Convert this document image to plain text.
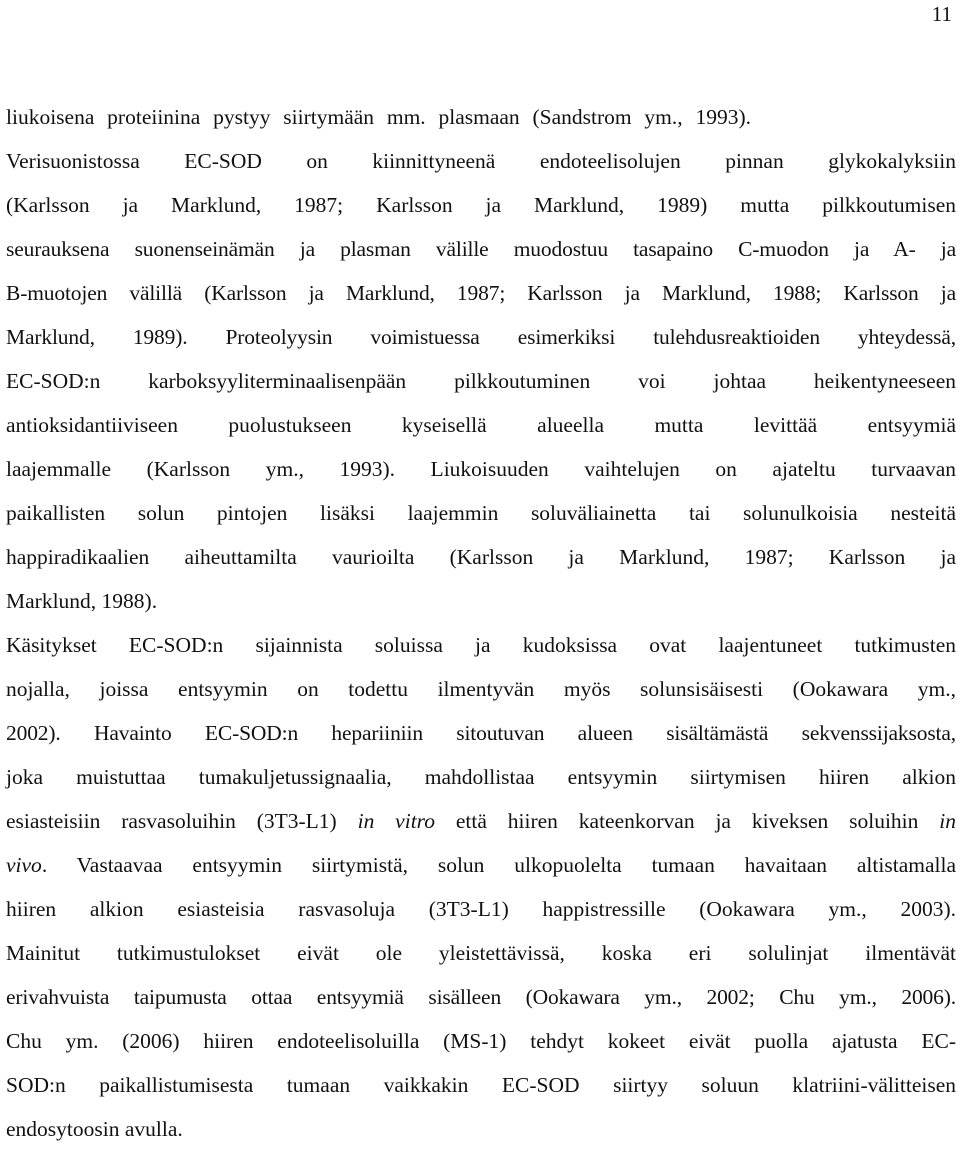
11
liukoisena proteiinina pystyy siirtymään mm. plasmaan (Sandstrom ym., 1993).
Verisuonistossa EC-SOD on kiinnittyneenä endoteelisolujen pinnan glykokalyksiin
(Karlsson ja Marklund, 1987; Karlsson ja Marklund, 1989) mutta pilkkoutumisen
seurauksena suonenseinämän ja plasman välille muodostuu tasapaino C-muodon ja A- ja
B-muotojen välillä (Karlsson ja Marklund, 1987; Karlsson ja Marklund, 1988; Karlsson ja
Marklund, 1989). Proteolyysin voimistuessa esimerkiksi tulehdusreaktioiden yhteydessä,
EC-SOD:n karboksyyliterminaalisenpään pilkkoutuminen voi johtaa heikentyneeseen
antioksidantiiviseen puolustukseen kyseisellä alueella mutta levittää entsyymiä
laajemmalle (Karlsson ym., 1993). Liukoisuuden vaihtelujen on ajateltu turvaavan
paikallisten solun pintojen lisäksi laajemmin soluväliainetta tai solunulkoisia nesteitä
happiradikaalien aiheuttamilta vaurioilta (Karlsson ja Marklund, 1987; Karlsson ja
Marklund, 1988).
Käsitykset EC-SOD:n sijainnista soluissa ja kudoksissa ovat laajentuneet tutkimusten
nojalla, joissa entsyymin on todettu ilmentyvän myös solunsisäisesti (Ookawara ym.,
2002). Havainto EC-SOD:n hepariiniin sitoutuvan alueen sisältämästä sekvenssijaksosta,
joka muistuttaa tumakuljetussignaalia, mahdollistaa entsyymin siirtymisen hiiren alkion
esiasteisiin rasvasoluihin (3T3-L1) in vitro että hiiren kateenkorvan ja kiveksen soluihin in
vivo. Vastaavaa entsyymin siirtymistä, solun ulkopuolelta tumaan havaitaan altistamalla
hiiren alkion esiasteisia rasvasoluja (3T3-L1) happistressille (Ookawara ym., 2003).
Mainitut tutkimustulokset eivät ole yleistettävissä, koska eri solulinjat ilmentävät
erivahvuista taipumusta ottaa entsyymiä sisälleen (Ookawara ym., 2002; Chu ym., 2006).
Chu ym. (2006) hiiren endoteelisoluilla (MS-1) tehdyt kokeet eivät puolla ajatusta EC-
SOD:n paikallistumisesta tumaan vaikkakin EC-SOD siirtyy soluun klatriini-välitteisen
endosytoosin avulla.
